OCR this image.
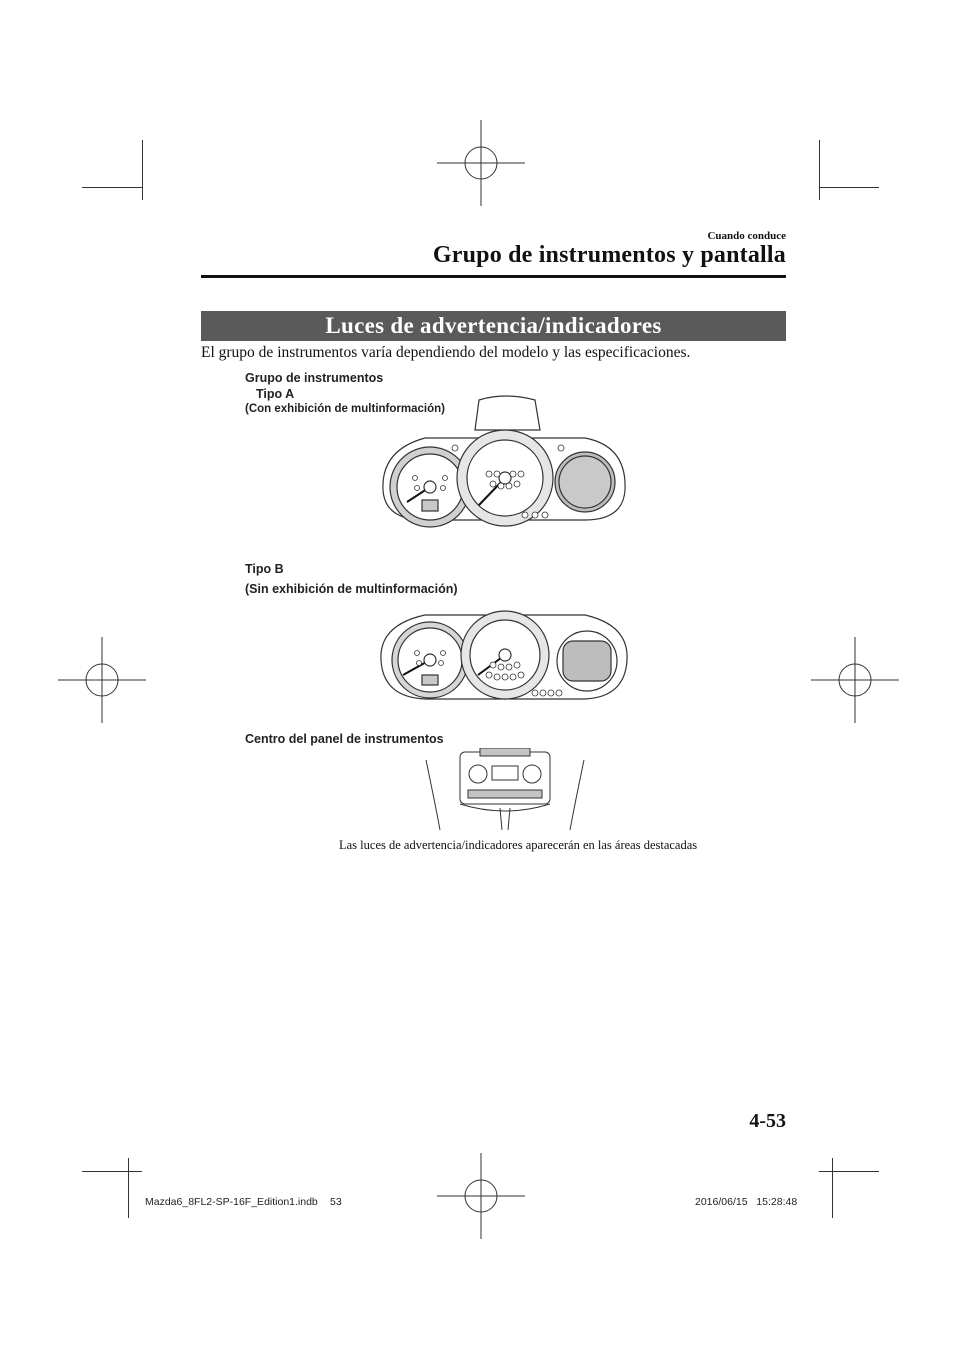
Cuando conduce
Grupo de instrumentos y pantalla
Luces de advertencia/indicadores
El grupo de instrumentos varía dependiendo del modelo y las especificaciones.
Grupo de instrumentos
Tipo A
(Con exhibición de multinformación)
Tipo B
(Sin exhibición de multinformación)
Centro del panel de instrumentos
Las luces de advertencia/indicadores aparecerán en las áreas destacadas
4-53
Mazda6_8FL2-SP-16F_Edition1.indb 53	2016/06/15   15:28:48
